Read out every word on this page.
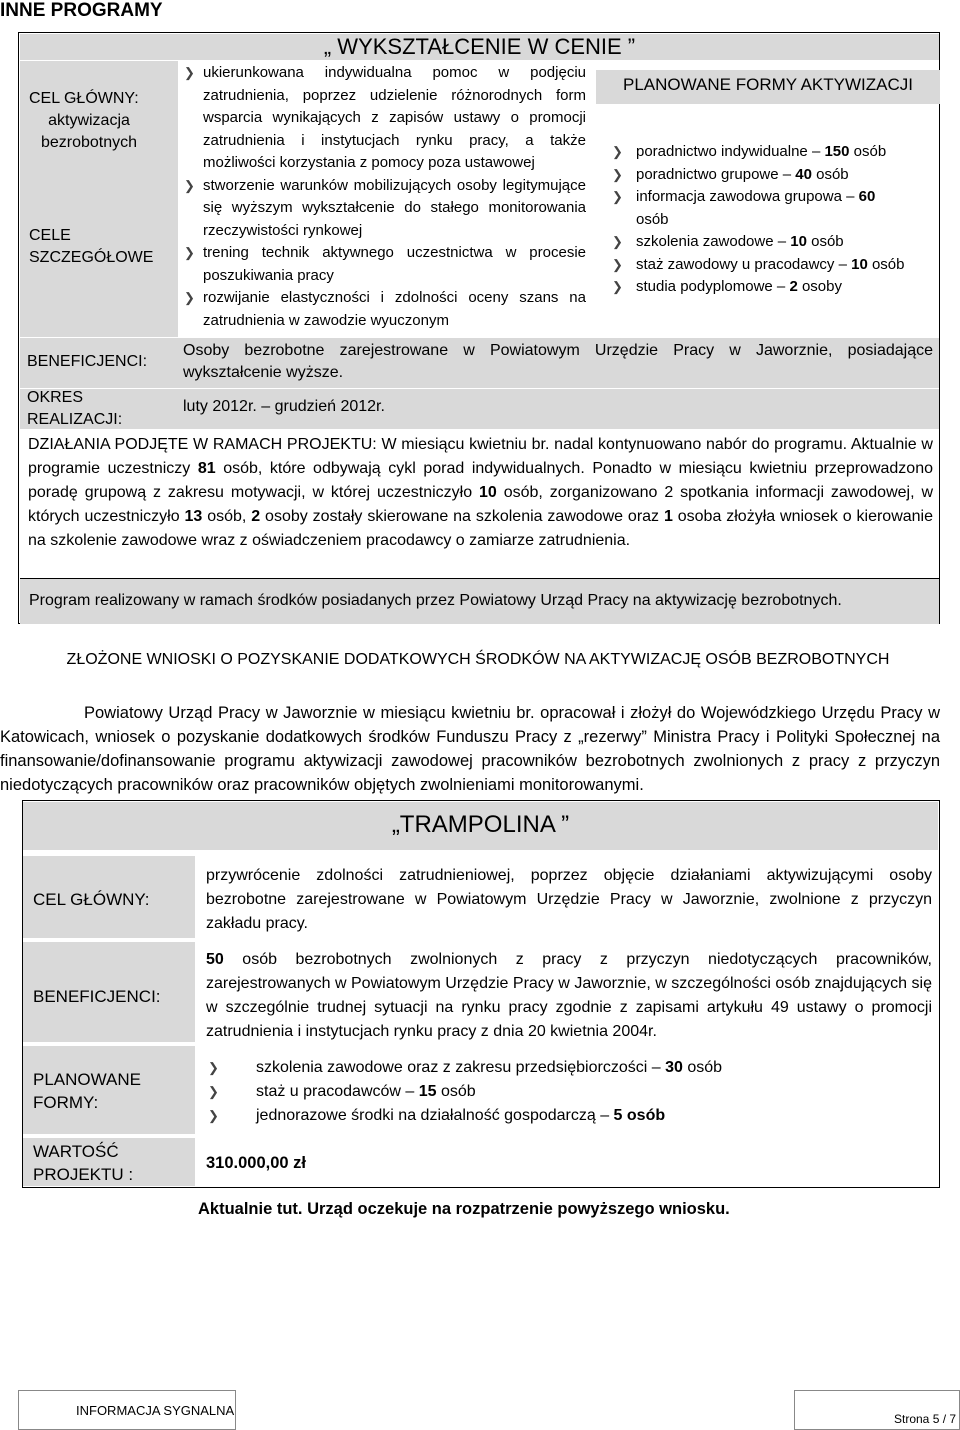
INNE PROGRAMY
„ WYKSZTAŁCENIE W CENIE ”
CEL GŁÓWNY:
aktywizacja
bezrobotnych
CELE
SZCZEGÓŁOWE
❯ ukierunkowana indywidualna pomoc w podjęciu zatrudnienia, poprzez udzielenie różnorodnych form wsparcia wynikających z zapisów ustawy o promocji zatrudnienia i instytucjach rynku pracy, a także możliwości korzystania z pomocy poza ustawowej
❯ stworzenie warunków mobilizujących osoby legitymujące się wyższym wykształcenie do stałego monitorowania rzeczywistości rynkowej
❯ trening technik aktywnego uczestnictwa w procesie poszukiwania pracy
❯ rozwijanie elastyczności i zdolności oceny szans na zatrudnienia w zawodzie wyuczonym
PLANOWANE FORMY AKTYWIZACJI
❯ poradnictwo indywidualne – 150 osób
❯ poradnictwo grupowe – 40 osób
❯ informacja zawodowa grupowa – 60 osób
❯ szkolenia zawodowe – 10 osób
❯ staż zawodowy u pracodawcy – 10 osób
❯ studia podyplomowe – 2 osoby
BENEFICJENCI:
Osoby bezrobotne zarejestrowane w Powiatowym Urzędzie Pracy w Jaworznie, posiadające wykształcenie wyższe.
OKRES
REALIZACJI:
luty 2012r. – grudzień 2012r.
DZIAŁANIA PODJĘTE W RAMACH PROJEKTU: W miesiącu kwietniu br. nadal kontynuowano nabór do programu. Aktualnie w programie uczestniczy 81 osób, które odbywają cykl porad indywidualnych. Ponadto w miesiącu kwietniu przeprowadzono poradę grupową z zakresu motywacji, w której uczestniczyło 10 osób, zorganizowano 2 spotkania informacji zawodowej, w których uczestniczyło 13 osób, 2 osoby zostały skierowane na szkolenia zawodowe oraz 1 osoba złożyła wniosek o kierowanie na szkolenie zawodowe wraz z oświadczeniem pracodawcy o zamiarze zatrudnienia.
Program realizowany w ramach środków posiadanych przez Powiatowy Urząd Pracy na aktywizację bezrobotnych.
ZŁOŻONE WNIOSKI O POZYSKANIE DODATKOWYCH ŚRODKÓW NA AKTYWIZACJĘ OSÓB BEZROBOTNYCH
Powiatowy Urząd Pracy w Jaworznie w miesiącu kwietniu br. opracował i złożył do Wojewódzkiego Urzędu Pracy w Katowicach, wniosek o pozyskanie dodatkowych środków Funduszu Pracy z „rezerwy” Ministra Pracy i Polityki Społecznej na finansowanie/dofinansowanie programu aktywizacji zawodowej pracowników bezrobotnych zwolnionych z pracy z przyczyn niedotyczących pracowników oraz pracowników objętych zwolnieniami monitorowanymi.
„TRAMPOLINA ”
CEL GŁÓWNY:
przywrócenie zdolności zatrudnieniowej, poprzez objęcie działaniami aktywizującymi osoby bezrobotne zarejestrowane w Powiatowym Urzędzie Pracy w Jaworznie, zwolnione z przyczyn zakładu pracy.
BENEFICJENCI:
50 osób bezrobotnych zwolnionych z pracy z przyczyn niedotyczących pracowników, zarejestrowanych w Powiatowym Urzędzie Pracy w Jaworznie, w szczególności osób znajdujących się w szczególnie trudnej sytuacji na rynku pracy zgodnie z zapisami artykułu 49 ustawy o promocji zatrudnienia i instytucjach rynku pracy z dnia 20 kwietnia 2004r.
PLANOWANE
FORMY:
❯ szkolenia zawodowe oraz z zakresu przedsiębiorczości – 30 osób
❯ staż u pracodawców – 15 osób
❯ jednorazowe środki na działalność gospodarczą – 5 osób
WARTOŚĆ
PROJEKTU :
310.000,00 zł
Aktualnie tut. Urząd oczekuje na rozpatrzenie powyższego wniosku.
INFORMACJA SYGNALNA
Strona 5 / 7
